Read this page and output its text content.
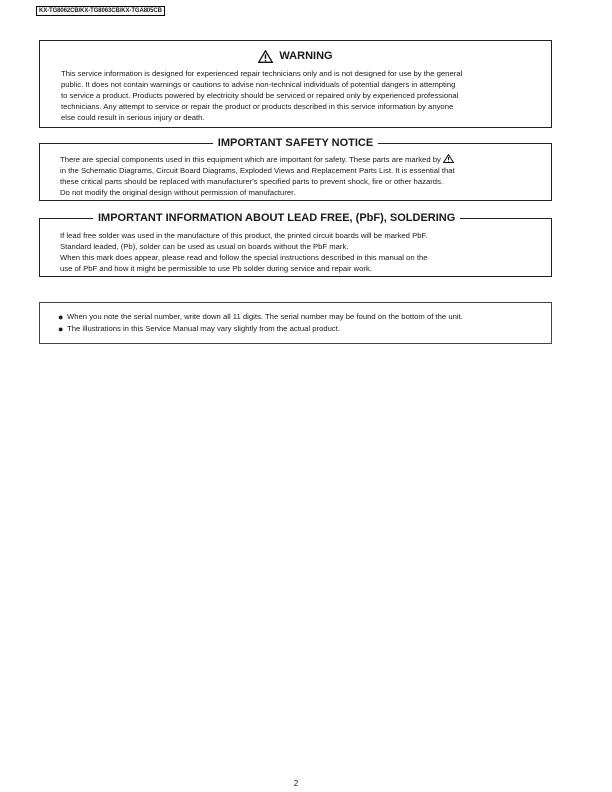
KX-TG8062CB/KX-TG8063CB/KX-TGA805CB
WARNING
This service information is designed for experienced repair technicians only and is not designed for use by the general
public. It does not contain warnings or cautions to advise non-technical individuals of potential dangers in attempting
to service a product. Products powered by electricity should be serviced or repaired only by experienced professional
technicians. Any attempt to service or repair the product or products described in this service information by anyone
else could result in serious injury or death.
IMPORTANT SAFETY NOTICE
There are special components used in this equipment which are important for safety. These parts are marked by
in the Schematic Diagrams, Circuit Board Diagrams, Exploded Views and Replacement Parts List. It is essential that
these critical parts should be replaced with manufacturer's specified parts to prevent shock, fire or other hazards.
Do not modify the original design without permission of manufacturer.
IMPORTANT INFORMATION ABOUT LEAD FREE, (PbF), SOLDERING
If lead free solder was used in the manufacture of this product, the printed circuit boards will be marked PbF.
Standard leaded, (Pb), solder can be used as usual on boards without the PbF mark.
When this mark does appear, please read and follow the special instructions described in this manual on the
use of PbF and how it might be permissible to use Pb solder during service and repair work.
● When you note the serial number, write down all 11 digits. The serial number may be found on the bottom of the unit.
● The illustrations in this Service Manual may vary slightly from the actual product.
2
